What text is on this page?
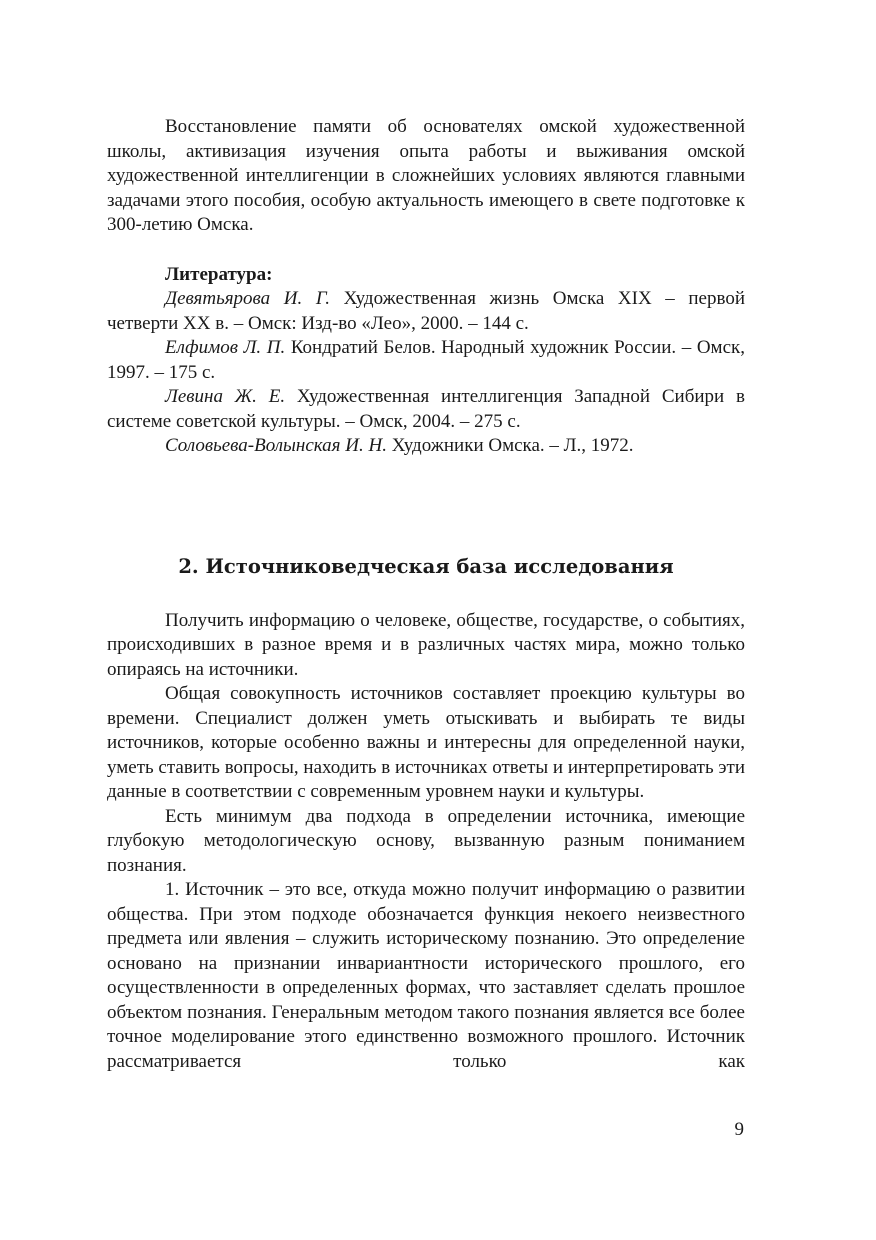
Восстановление памяти об основателях омской художественной школы, активизация изучения опыта работы и выживания омской художественной интеллигенции в сложнейших условиях являются главными задачами этого пособия, особую актуальность имеющего в свете подготовке к 300-летию Омска.

Литература:

Девятьярова И. Г. Художественная жизнь Омска XIX – первой четверти XX в. – Омск: Изд-во «Лео», 2000. – 144 с.

Елфимов Л. П. Кондратий Белов. Народный художник России. – Омск, 1997. – 175 с.

Левина Ж. Е. Художественная интеллигенция Западной Сибири в системе советской культуры. – Омск, 2004. – 275 с.

Соловьева-Волынская И. Н. Художники Омска. – Л., 1972.

2. Источниковедческая база исследования

Получить информацию о человеке, обществе, государстве, о событиях, происходивших в разное время и в различных частях мира, можно только опираясь на источники.

Общая совокупность источников составляет проекцию культуры во времени. Специалист должен уметь отыскивать и выбирать те виды источников, которые особенно важны и интересны для определенной науки, уметь ставить вопросы, находить в источниках ответы и интерпретировать эти данные в соответствии с современным уровнем науки и культуры.

Есть минимум два подхода в определении источника, имеющие глубокую методологическую основу, вызванную разным пониманием познания.

1. Источник – это все, откуда можно получит информацию о развитии общества. При этом подходе обозначается функция некоего неизвестного предмета или явления – служить историческому познанию. Это определение основано на признании инвариантности исторического прошлого, его осуществленности в определенных формах, что заставляет сделать прошлое объектом познания. Генеральным методом такого познания является все более точное моделирование этого единственно возможного прошлого. Источник рассматривается только как

9
